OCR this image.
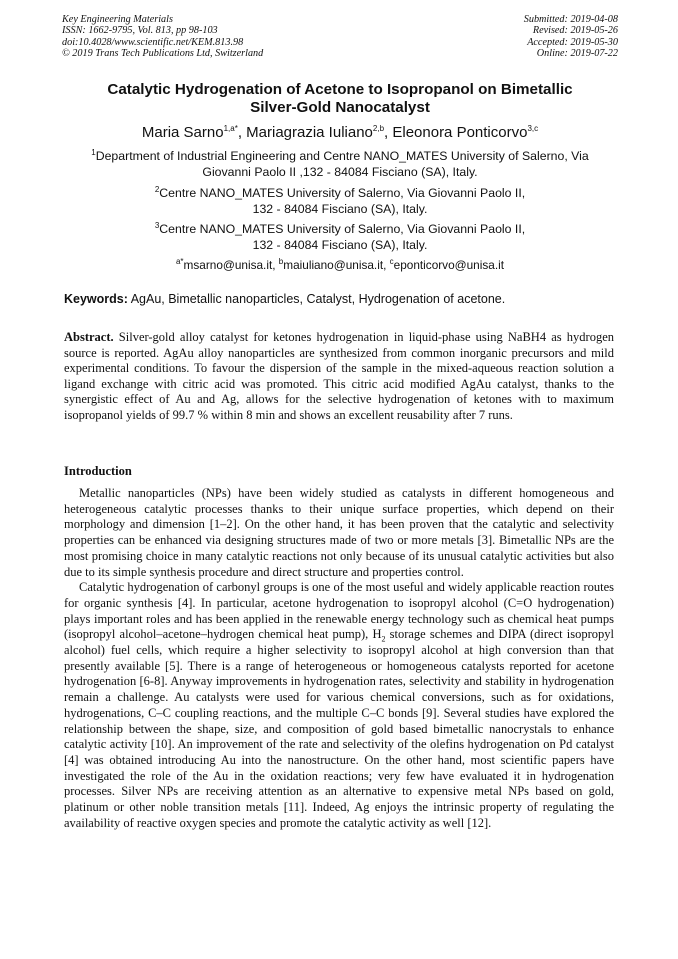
Key Engineering Materials
ISSN: 1662-9795, Vol. 813, pp 98-103
doi:10.4028/www.scientific.net/KEM.813.98
© 2019 Trans Tech Publications Ltd, Switzerland
Submitted: 2019-04-08
Revised: 2019-05-26
Accepted: 2019-05-30
Online: 2019-07-22
Catalytic Hydrogenation of Acetone to Isopropanol on Bimetallic
Silver-Gold Nanocatalyst
Maria Sarno$^{1,a*}$, Mariagrazia Iuliano$^{2,b}$, Eleonora Ponticorvo$^{3,c}$
$^1$Department of Industrial Engineering and Centre NANO_MATES University of Salerno, Via
Giovanni Paolo II ,132 - 84084 Fisciano (SA), Italy.
$^2$Centre NANO_MATES University of Salerno, Via Giovanni Paolo II,
132 - 84084 Fisciano (SA), Italy.
$^3$Centre NANO_MATES University of Salerno, Via Giovanni Paolo II,
132 - 84084 Fisciano (SA), Italy.
$^{a*}$msarno@unisa.it, $^b$maiuliano@unisa.it, $^c$eponticorvo@unisa.it
Keywords: AgAu, Bimetallic nanoparticles, Catalyst, Hydrogenation of acetone.
Abstract. Silver-gold alloy catalyst for ketones hydrogenation in liquid-phase using NaBH4 as hydrogen source is reported. AgAu alloy nanoparticles are synthesized from common inorganic precursors and mild experimental conditions. To favour the dispersion of the sample in the mixed-aqueous reaction solution a ligand exchange with citric acid was promoted. This citric acid modified AgAu catalyst, thanks to the synergistic effect of Au and Ag, allows for the selective hydrogenation of ketones with to maximum isopropanol yields of 99.7 % within 8 min and shows an excellent reusability after 7 runs.
Introduction

Metallic nanoparticles (NPs) have been widely studied as catalysts in different homogeneous and heterogeneous catalytic processes thanks to their unique surface properties, which depend on their morphology and dimension [1–2]. On the other hand, it has been proven that the catalytic and selectivity properties can be enhanced via designing structures made of two or more metals [3]. Bimetallic NPs are the most promising choice in many catalytic reactions not only because of its unusual catalytic activities but also due to its simple synthesis procedure and direct structure and properties control.

Catalytic hydrogenation of carbonyl groups is one of the most useful and widely applicable reaction routes for organic synthesis [4]. In particular, acetone hydrogenation to isopropyl alcohol (C=O hydrogenation) plays important roles and has been applied in the renewable energy technology such as chemical heat pumps (isopropyl alcohol–acetone–hydrogen chemical heat pump), $H_2$ storage schemes and DIPA (direct isopropyl alcohol) fuel cells, which require a higher selectivity to isopropyl alcohol at high conversion than that presently available [5]. There is a range of heterogeneous or homogeneous catalysts reported for acetone hydrogenation [6-8]. Anyway improvements in hydrogenation rates, selectivity and stability in hydrogenation remain a challenge. Au catalysts were used for various chemical conversions, such as for oxidations, hydrogenations, C–C coupling reactions, and the multiple C–C bonds [9]. Several studies have explored the relationship between the shape, size, and composition of gold based bimetallic nanocrystals to enhance catalytic activity [10]. An improvement of the rate and selectivity of the olefins hydrogenation on Pd catalyst [4] was obtained introducing Au into the nanostructure. On the other hand, most scientific papers have investigated the role of the Au in the oxidation reactions; very few have evaluated it in hydrogenation processes. Silver NPs are receiving attention as an alternative to expensive metal NPs based on gold, platinum or other noble transition metals [11]. Indeed, Ag enjoys the intrinsic property of regulating the availability of reactive oxygen species and promote the catalytic activity as well [12].
